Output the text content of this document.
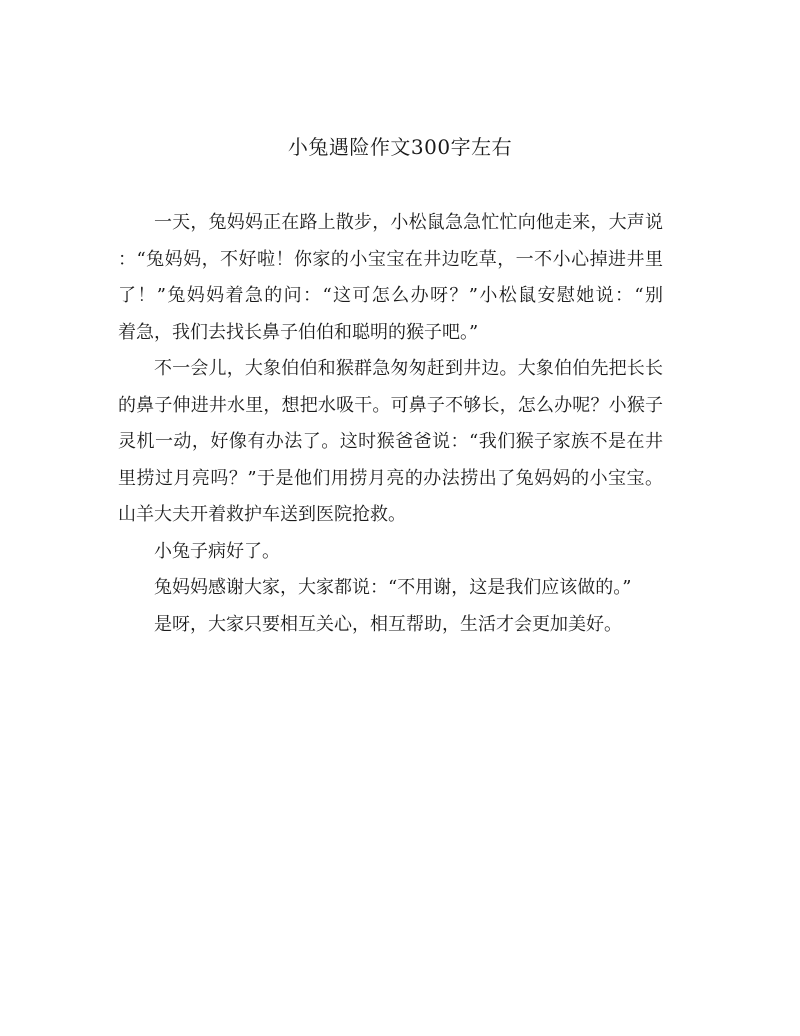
小兔遇险作文300字左右
一天，兔妈妈正在路上散步，小松鼠急急忙忙向他走来，大声说
：“兔妈妈，不好啦！你家的小宝宝在井边吃草，一不小心掉进井里
了！”兔妈妈着急的问：“这可怎么办呀？”小松鼠安慰她说：“别
着急，我们去找长鼻子伯伯和聪明的猴子吧。”
不一会儿，大象伯伯和猴群急匆匆赶到井边。大象伯伯先把长长
的鼻子伸进井水里，想把水吸干。可鼻子不够长，怎么办呢？小猴子
灵机一动，好像有办法了。这时猴爸爸说：“我们猴子家族不是在井
里捞过月亮吗？”于是他们用捞月亮的办法捞出了兔妈妈的小宝宝。
山羊大夫开着救护车送到医院抢救。
小兔子病好了。
兔妈妈感谢大家，大家都说：“不用谢，这是我们应该做的。”
是呀，大家只要相互关心，相互帮助，生活才会更加美好。
